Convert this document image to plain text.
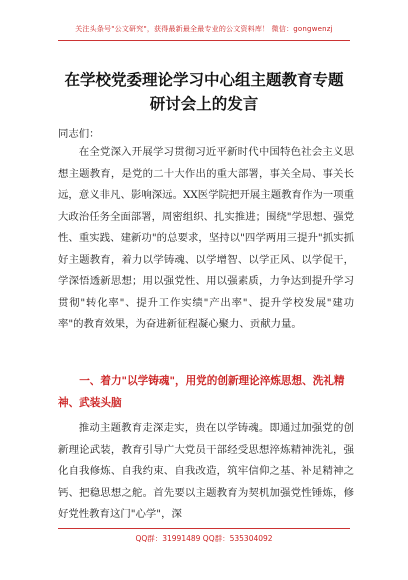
关注头条号"公文研究"，获得最新最全最专业的公文资料库！ 微信：gongwenzj
在学校党委理论学习中心组主题教育专题
研讨会上的发言
同志们：

在全党深入开展学习贯彻习近平新时代中国特色社会主义思想主题教育，是党的二十大作出的重大部署，事关全局、事关长远，意义非凡、影响深远。XX医学院把开展主题教育作为一项重大政治任务全面部署，周密组织、扎实推进；围绕"学思想、强党性、重实践、建新功"的总要求，坚持以"四学两用三提升"抓实抓好主题教育，着力以学铸魂、以学增智、以学正风、以学促干，学深悟透新思想；用以强党性、用以强素质，力争达到提升学习贯彻"转化率"、提升工作实绩"产出率"、提升学校发展"建功率"的教育效果，为奋进新征程凝心聚力、贡献力量。

一、着力"以学铸魂"，用党的创新理论淬炼思想、洗礼精神、武装头脑

推动主题教育走深走实，贵在以学铸魂。即通过加强党的创新理论武装，教育引导广大党员干部经受思想淬炼精神洗礼，强化自我修炼、自我约束、自我改造，筑牢信仰之基、补足精神之钙、把稳思想之舵。首先要以主题教育为契机加强党性锤炼，修好党性教育这门"心学"，深

QQ群：31991489 QQ群：535304092
